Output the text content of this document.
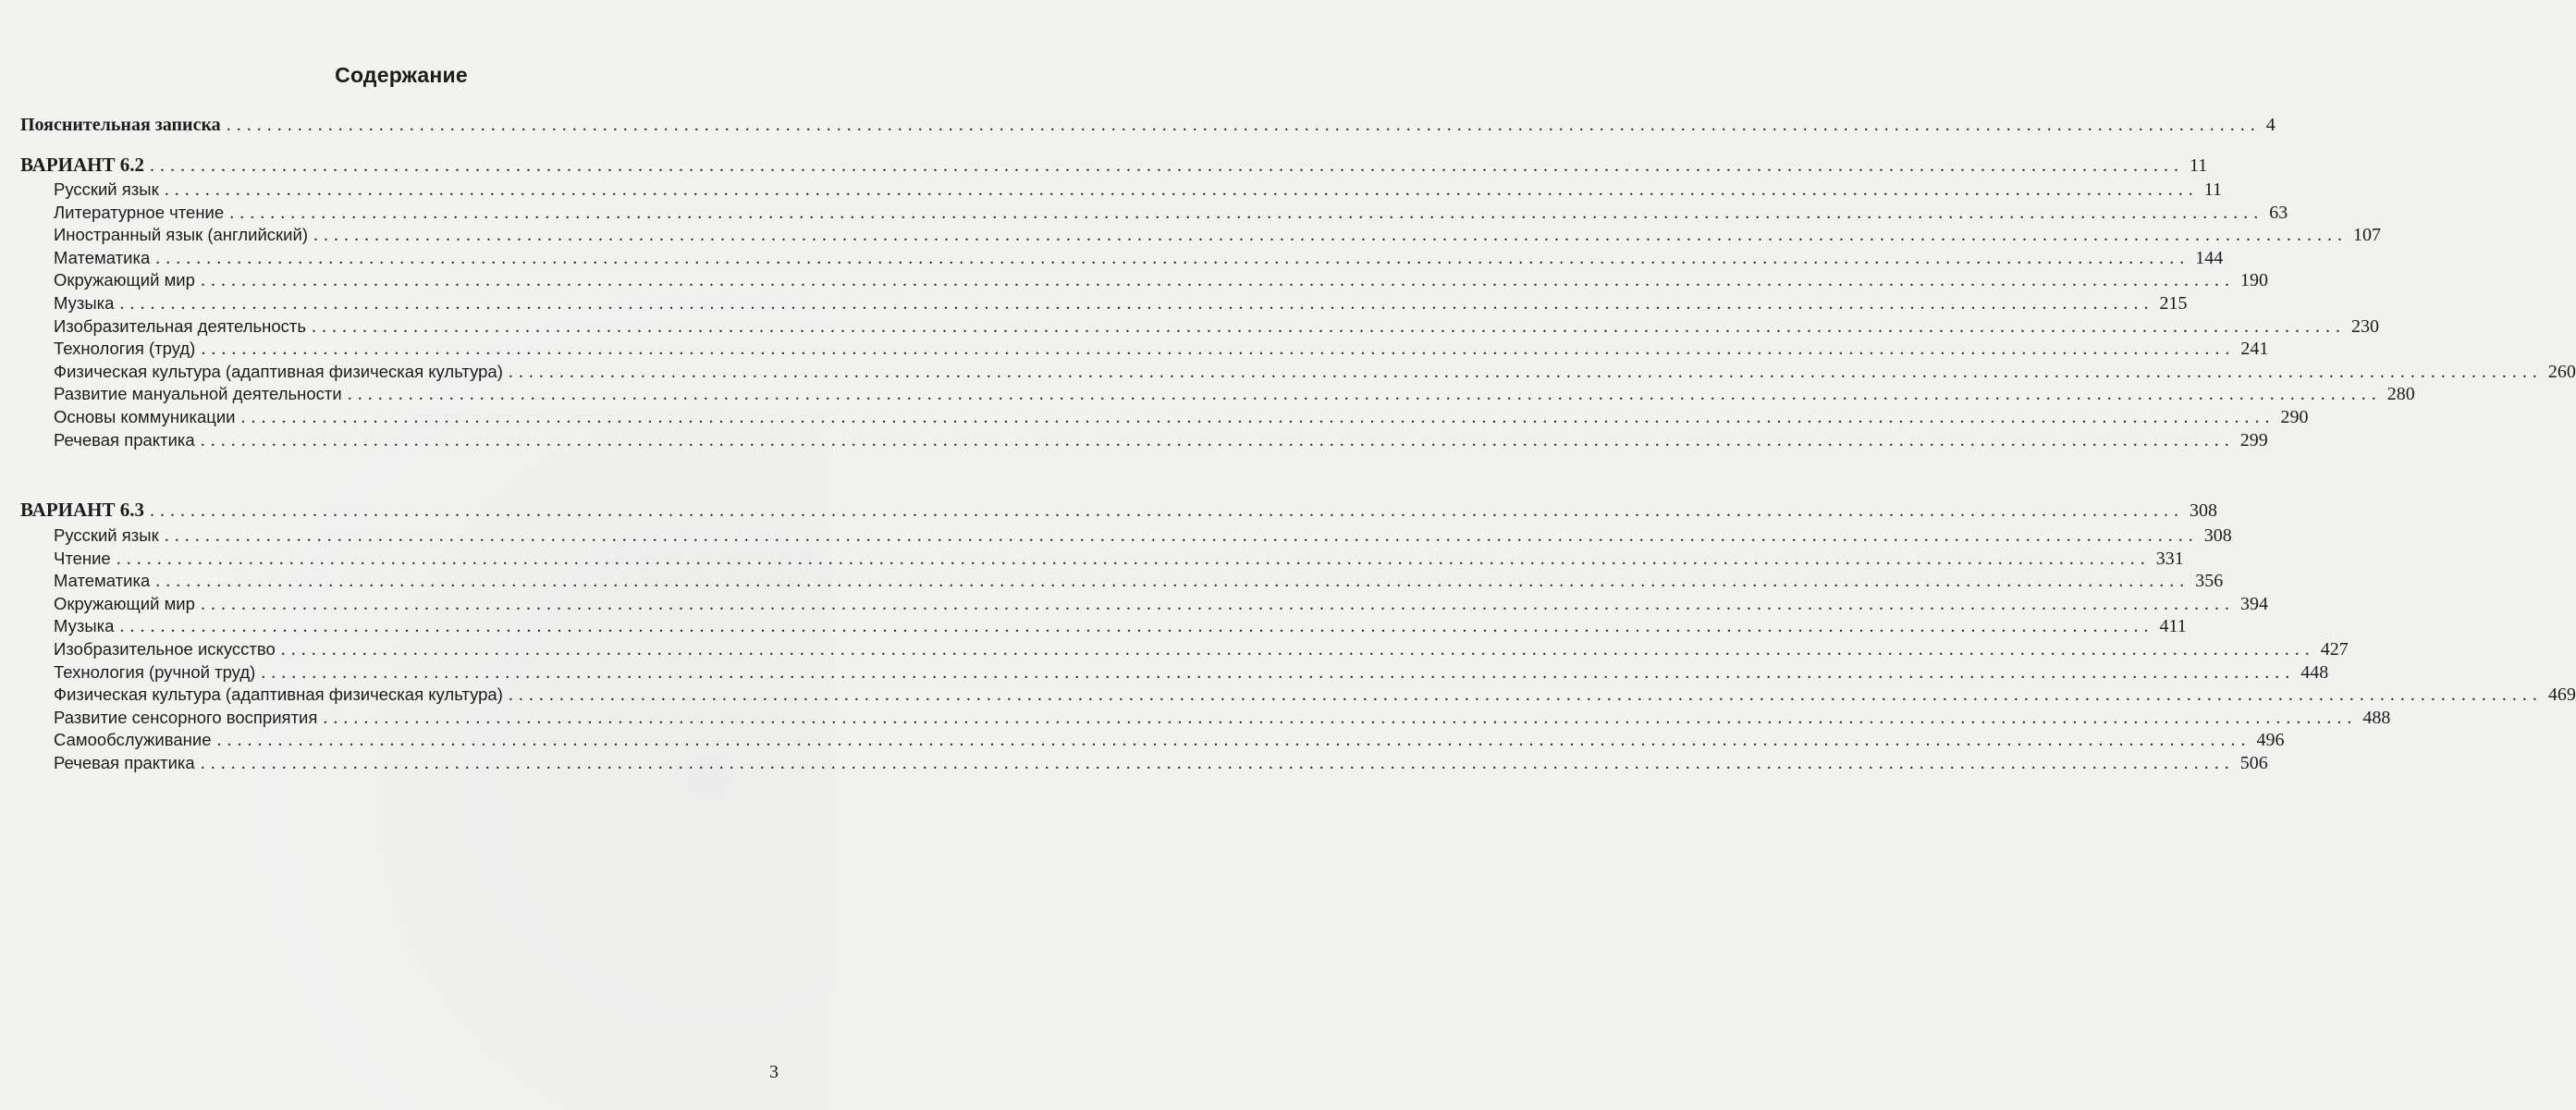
Содержание
Пояснительная записка ........................................................................................................................................................................................................ 4
ВАРИАНТ 6.2 ........................................................................................................................................................................................................ 11
Русский язык ........................................................................................................................................................................................................ 11
Литературное чтение ........................................................................................................................................................................................................ 63
Иностранный язык (английский) ........................................................................................................................................................................................................ 107
Математика ........................................................................................................................................................................................................ 144
Окружающий мир ........................................................................................................................................................................................................ 190
Музыка ........................................................................................................................................................................................................ 215
Изобразительная деятельность ........................................................................................................................................................................................................ 230
Технология (труд) ........................................................................................................................................................................................................ 241
Физическая культура (адаптивная физическая культура) ........................................................................................................................................................................................................ 260
Развитие мануальной деятельности ........................................................................................................................................................................................................ 280
Основы коммуникации ........................................................................................................................................................................................................ 290
Речевая практика ........................................................................................................................................................................................................ 299
ВАРИАНТ 6.3 ........................................................................................................................................................................................................ 308
Русский язык ........................................................................................................................................................................................................ 308
Чтение ........................................................................................................................................................................................................ 331
Математика ........................................................................................................................................................................................................ 356
Окружающий мир ........................................................................................................................................................................................................ 394
Музыка ........................................................................................................................................................................................................ 411
Изобразительное искусство ........................................................................................................................................................................................................ 427
Технология (ручной труд) ........................................................................................................................................................................................................ 448
Физическая культура (адаптивная физическая культура) ........................................................................................................................................................................................................ 469
Развитие сенсорного восприятия ........................................................................................................................................................................................................ 488
Самообслуживание ........................................................................................................................................................................................................ 496
Речевая практика ........................................................................................................................................................................................................ 506
3
